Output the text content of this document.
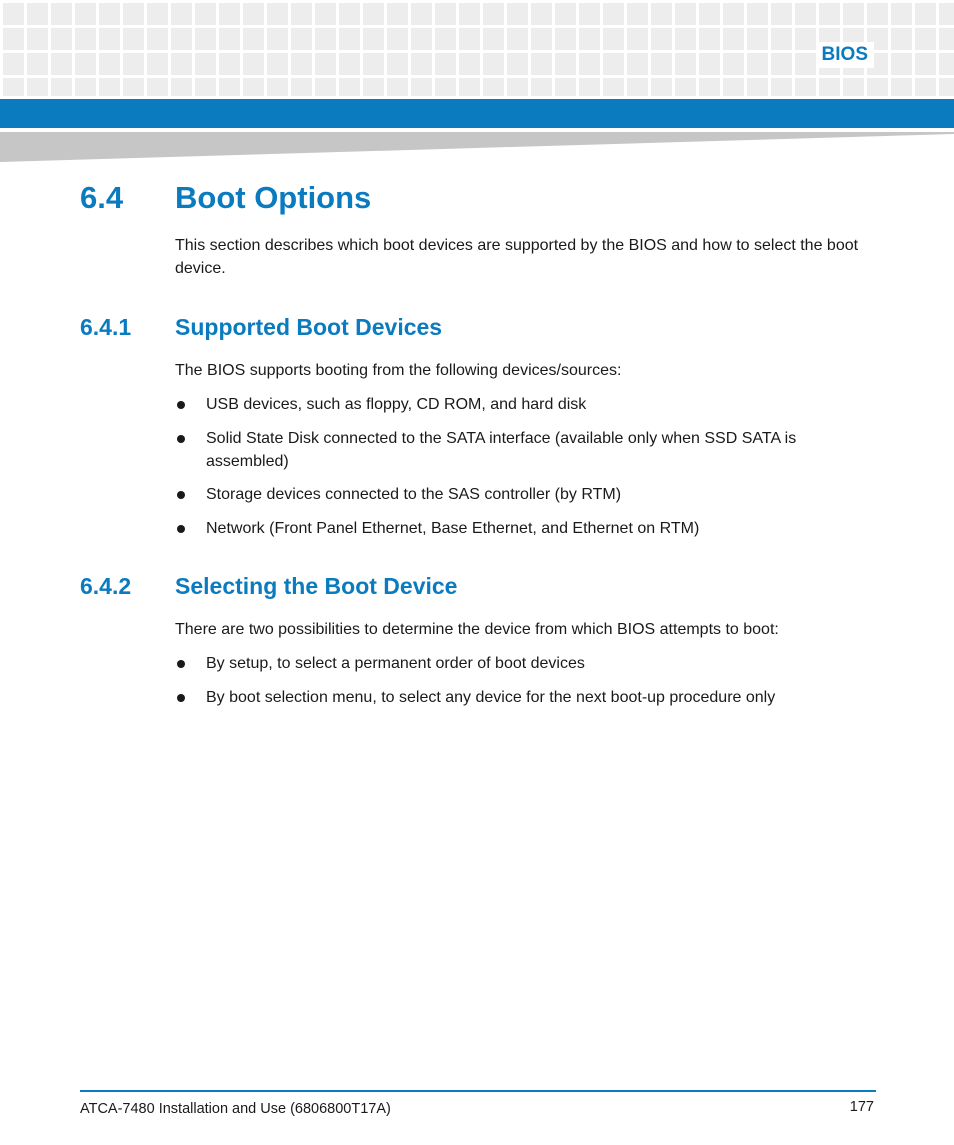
BIOS
6.4 Boot Options

This section describes which boot devices are supported by the BIOS and how to select the boot device.

6.4.1 Supported Boot Devices

The BIOS supports booting from the following devices/sources:

USB devices, such as floppy, CD ROM, and hard disk
Solid State Disk connected to the SATA interface (available only when SSD SATA is assembled)
Storage devices connected to the SAS controller (by RTM)
Network (Front Panel Ethernet, Base Ethernet, and Ethernet on RTM)
6.4.2 Selecting the Boot Device

There are two possibilities to determine the device from which BIOS attempts to boot:

By setup, to select a permanent order of boot devices
By boot selection menu, to select any device for the next boot-up procedure only
ATCA-7480 Installation and Use (6806800T17A)	177
